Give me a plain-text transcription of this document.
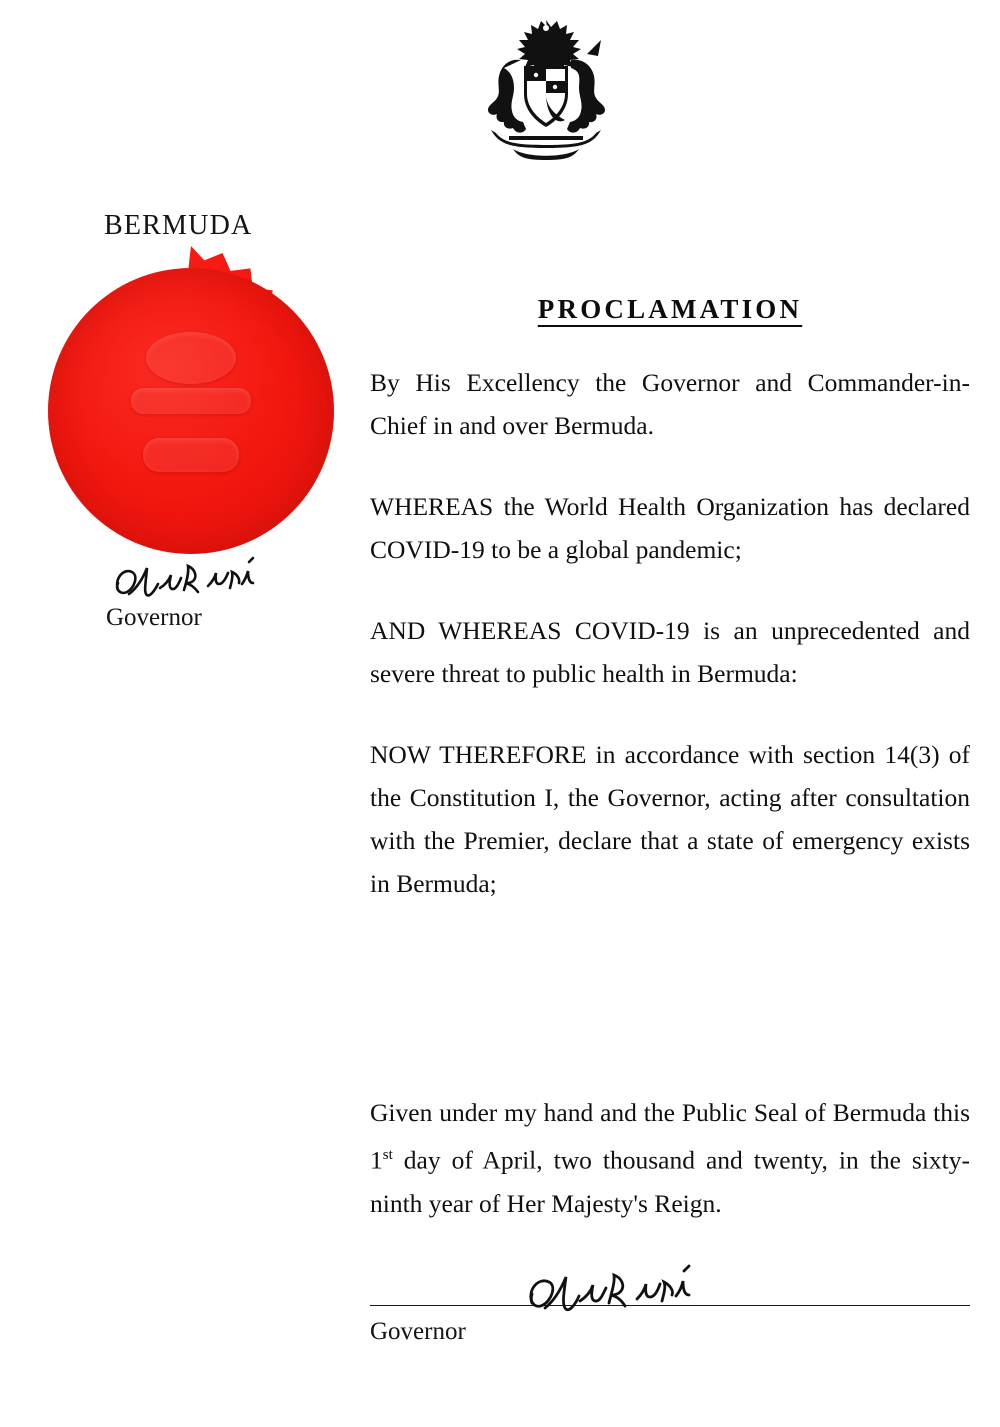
BERMUDA
Governor
PROCLAMATION

By His Excellency the Governor and Commander-in-Chief in and over Bermuda.

WHEREAS the World Health Organization has declared COVID-19 to be a global pandemic;

AND WHEREAS COVID-19 is an unprecedented and severe threat to public health in Bermuda:

NOW THEREFORE in accordance with section 14(3) of the Constitution I, the Governor, acting after consultation with the Premier, declare that a state of emergency exists in Bermuda;

Given under my hand and the Public Seal of Bermuda this 1st day of April, two thousand and twenty, in the sixty-ninth year of Her Majesty's Reign.

Governor
